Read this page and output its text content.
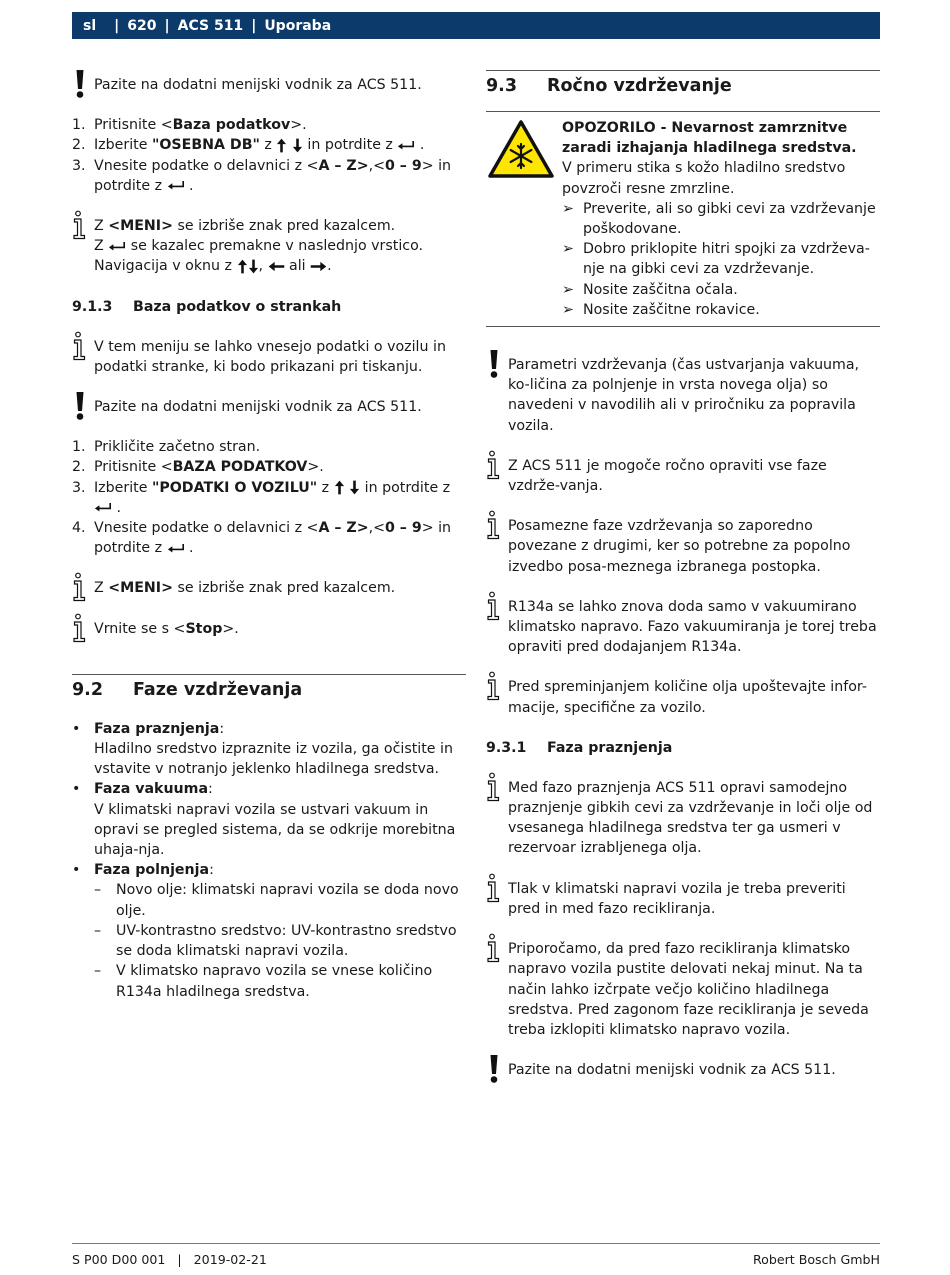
sl | 620 | ACS 511 | Uporaba
Pazite na dodatni menijski vodnik za ACS 511.
1. Pritisnite <Baza podatkov>.
2. Izberite "OSEBNA DB" z   in potrdite z  .
3. Vnesite podatke o delavnici z <A – Z>,<0 – 9> in potrdite z  .
Z <MENI> se izbriše znak pred kazalcem.
Z  se kazalec premakne v naslednjo vrstico.
Navigacija v oknu z ,  ali .
9.1.3 Baza podatkov o strankah
V tem meniju se lahko vnesejo podatki o vozilu in podatki stranke, ki bodo prikazani pri tiskanju.
Pazite na dodatni menijski vodnik za ACS 511.
1. Prikličite začetno stran.
2. Pritisnite <BAZA PODATKOV>.
3. Izberite "PODATKI O VOZILU" z   in potrdite z
.
4. Vnesite podatke o delavnici z <A – Z>,<0 – 9> in potrdite z  .
Z <MENI> se izbriše znak pred kazalcem.
Vrnite se s <Stop>.
9.2 Faze vzdrževanja
• Faza praznjenja:
Hladilno sredstvo izpraznite iz vozila, ga očistite in vstavite v notranjo jeklenko hladilnega sredstva.
• Faza vakuuma:
V klimatski napravi vozila se ustvari vakuum in opravi se pregled sistema, da se odkrije morebitna uhaja-nja.
• Faza polnjenja:
– Novo olje: klimatski napravi vozila se doda novo olje.
– UV-kontrastno sredstvo: UV-kontrastno sredstvo se doda klimatski napravi vozila.
– V klimatsko napravo vozila se vnese količino R134a hladilnega sredstva.
9.3 Ročno vzdrževanje
OPOZORILO - Nevarnost zamrznitve zaradi izhajanja hladilnega sredstva.
V primeru stika s kožo hladilno sredstvo povzroči resne zmrzline.
➢ Preverite, ali so gibki cevi za vzdrževanje poškodovane.
➢ Dobro priklopite hitri spojki za vzdrževa-nje na gibki cevi za vzdrževanje.
➢ Nosite zaščitna očala.
➢ Nosite zaščitne rokavice.
Parametri vzdrževanja (čas ustvarjanja vakuuma, ko-ličina za polnjenje in vrsta novega olja) so navedeni v navodilih ali v priročniku za popravila vozila.
Z ACS 511 je mogoče ročno opraviti vse faze vzdrže-vanja.
Posamezne faze vzdrževanja so zaporedno povezane z drugimi, ker so potrebne za popolno izvedbo posa-meznega izbranega postopka.
R134a se lahko znova doda samo v vakuumirano klimatsko napravo. Fazo vakuumiranja je torej treba opraviti pred dodajanjem R134a.
Pred spreminjanjem količine olja upoštevajte infor-macije, specifične za vozilo.
9.3.1 Faza praznjenja
Med fazo praznjenja ACS 511 opravi samodejno praznjenje gibkih cevi za vzdrževanje in loči olje od vsesanega hladilnega sredstva ter ga usmeri v rezervoar izrabljenega olja.
Tlak v klimatski napravi vozila je treba preveriti pred in med fazo recikliranja.
Priporočamo, da pred fazo recikliranja klimatsko napravo vozila pustite delovati nekaj minut. Na ta način lahko izčrpate večjo količino hladilnega sredstva. Pred zagonom faze recikliranja je seveda treba izklopiti klimatsko napravo vozila.
Pazite na dodatni menijski vodnik za ACS 511.
S P00 D00 001 | 2019-02-21	Robert Bosch GmbH
